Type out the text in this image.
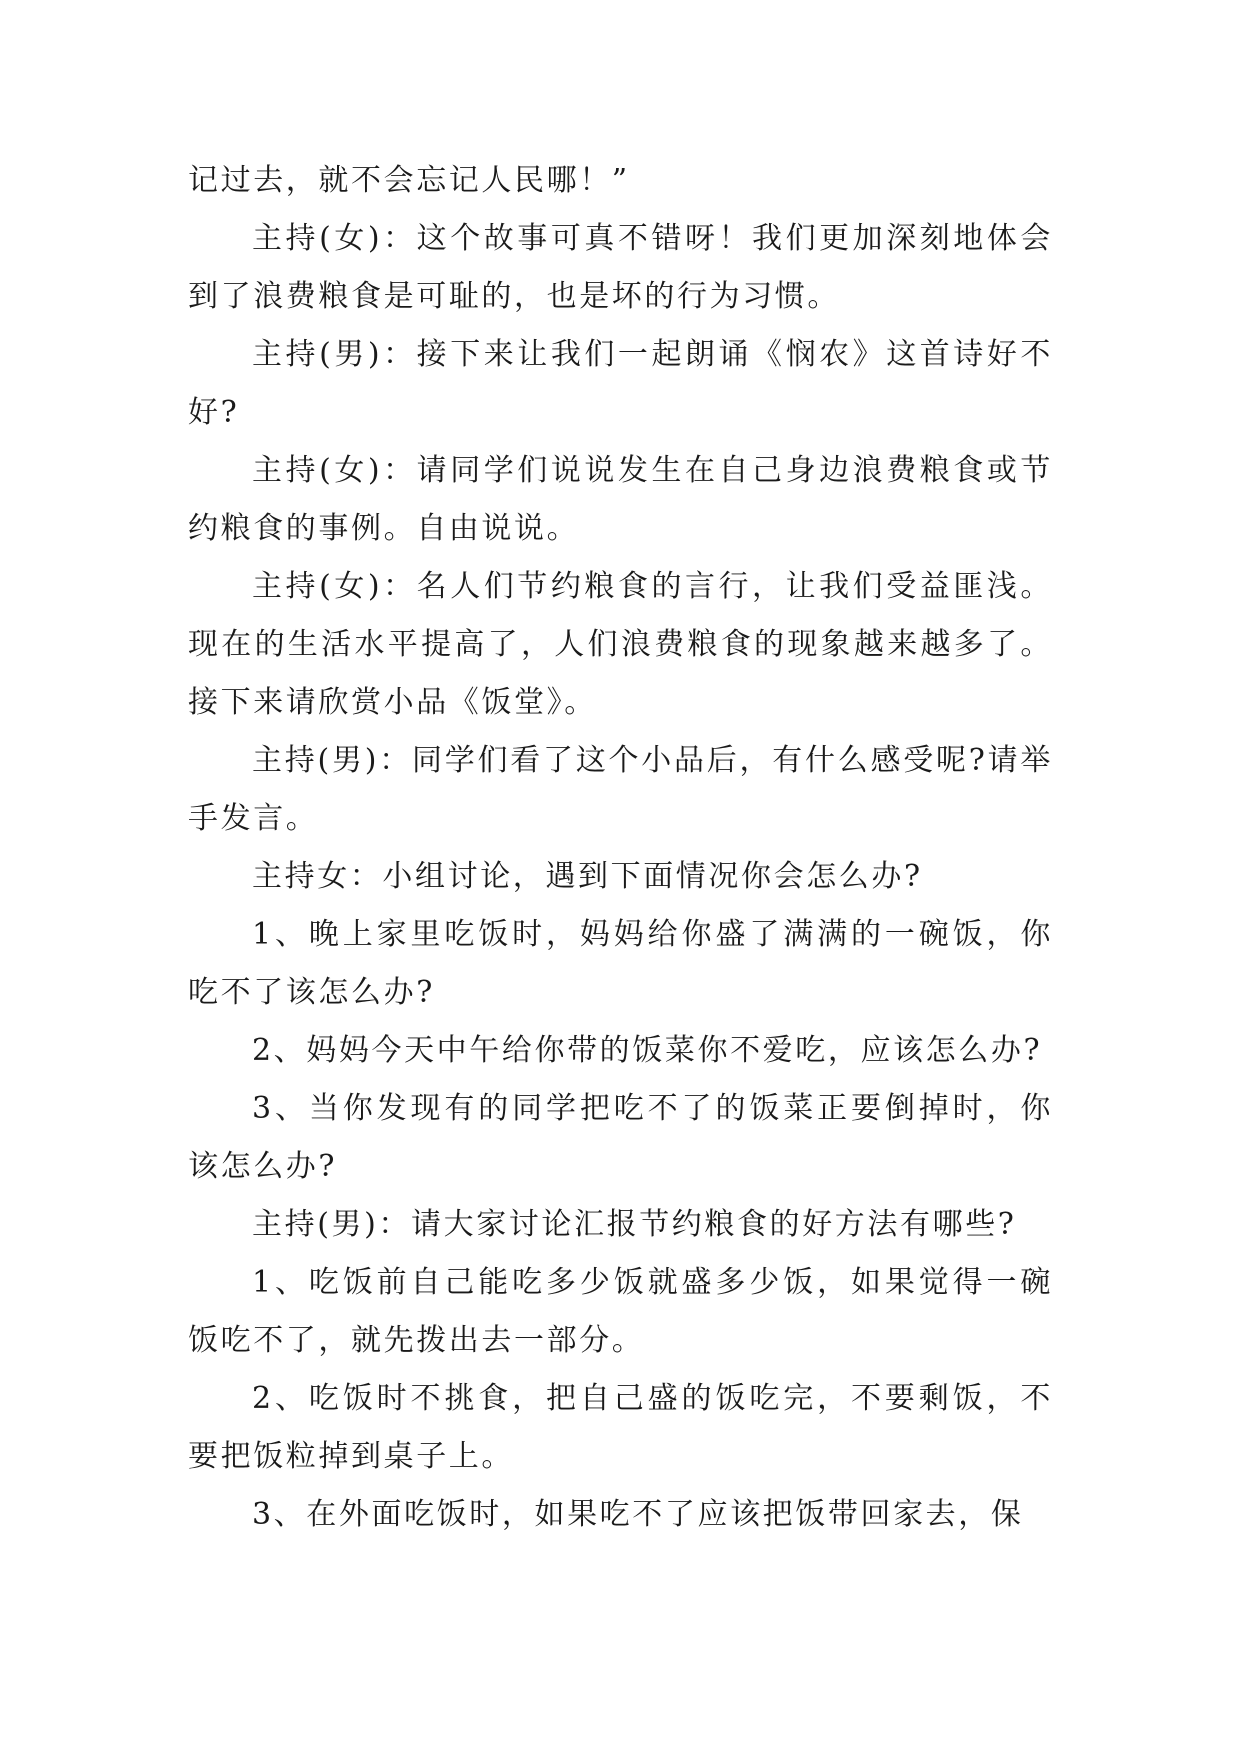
记过去，就不会忘记人民哪！”

主持(女)：这个故事可真不错呀！我们更加深刻地体会到了浪费粮食是可耻的，也是坏的行为习惯。

主持(男)：接下来让我们一起朗诵《悯农》这首诗好不好?

主持(女)：请同学们说说发生在自己身边浪费粮食或节约粮食的事例。自由说说。

主持(女)：名人们节约粮食的言行，让我们受益匪浅。现在的生活水平提高了，人们浪费粮食的现象越来越多了。接下来请欣赏小品《饭堂》。

主持(男)：同学们看了这个小品后，有什么感受呢?请举手发言。

主持女：小组讨论，遇到下面情况你会怎么办?

1、晚上家里吃饭时，妈妈给你盛了满满的一碗饭，你吃不了该怎么办?

2、妈妈今天中午给你带的饭菜你不爱吃，应该怎么办?

3、当你发现有的同学把吃不了的饭菜正要倒掉时，你该怎么办?

主持(男)：请大家讨论汇报节约粮食的好方法有哪些?

1、吃饭前自己能吃多少饭就盛多少饭，如果觉得一碗饭吃不了，就先拨出去一部分。

2、吃饭时不挑食，把自己盛的饭吃完，不要剩饭，不要把饭粒掉到桌子上。

3、在外面吃饭时，如果吃不了应该把饭带回家去，保
